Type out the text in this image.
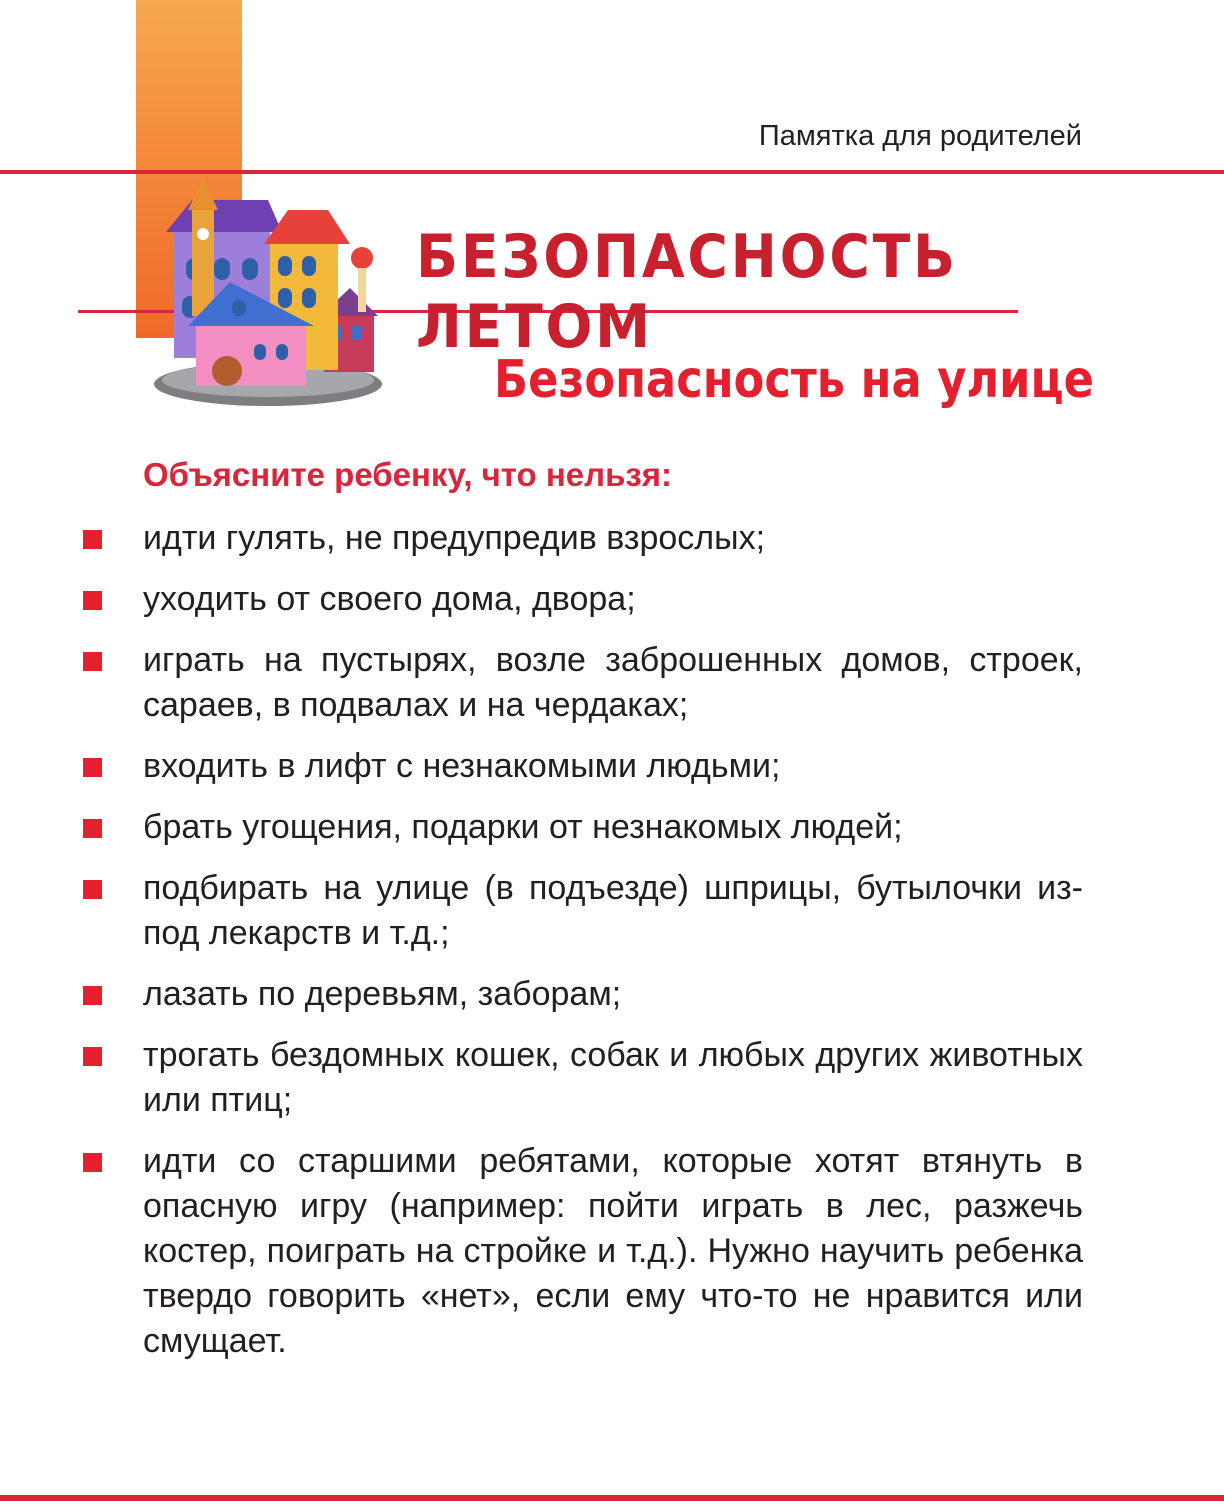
Памятка для родителей
БЕЗОПАСНОСТЬ ЛЕТОМ
Безопасность на улице

Объясните ребенку, что нельзя:

идти гулять, не предупредив взрослых;
уходить от своего дома, двора;
играть на пустырях, возле заброшенных домов, строек, сараев, в подвалах и на чердаках;
входить в лифт с незнакомыми людьми;
брать угощения, подарки от незнакомых людей;
подбирать на улице (в подъезде) шприцы, бутылочки из-под лекарств и т.д.;
лазать по деревьям, заборам;
трогать бездомных кошек, собак и любых других животных или птиц;
идти со старшими ребятами, которые хотят втянуть в опасную игру (например: пойти играть в лес, разжечь костер, поиграть на стройке и т.д.). Нужно научить ребенка твердо говорить «нет», если ему что-то не нравится или смущает.
